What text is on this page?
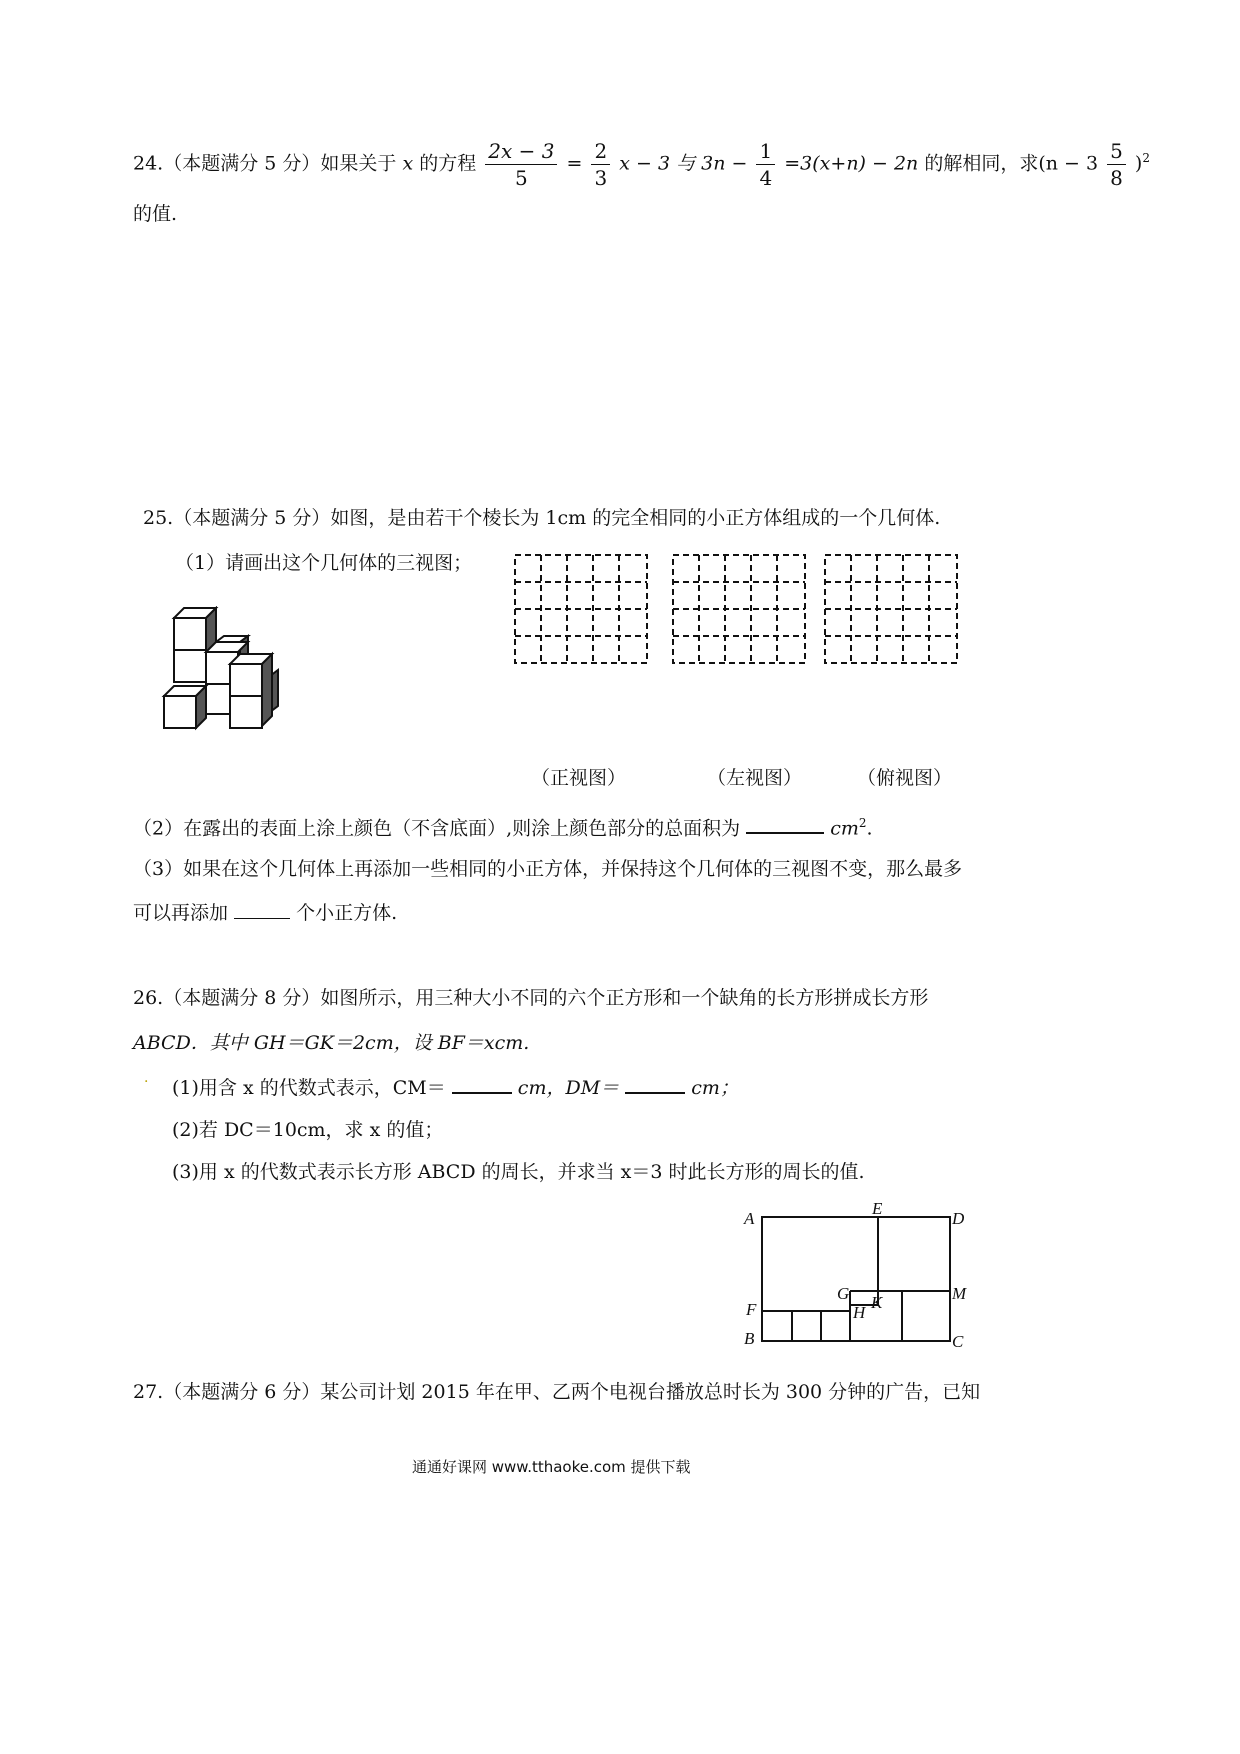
24.（本题满分 5 分）如果关于 x 的方程 $\frac{2x - 3}{5} = \frac{2}{3}$ x − 3 与 $3n - \frac{1}{4} =3(x+n) - 2n$ 的解相同，求$(n - 3 \frac{5}{8} )^2$
的值.
25.（本题满分 5 分）如图，是由若干个棱长为 1cm 的完全相同的小正方体组成的一个几何体.
（1）请画出这个几何体的三视图；
（正视图）	（左视图）	（俯视图）
（2）在露出的表面上涂上颜色（不含底面）,则涂上颜色部分的总面积为	$cm^2$.
（3）如果在这个几何体上再添加一些相同的小正方体，并保持这个几何体的三视图不变，那么最多
可以再添加	个小正方体.
26.（本题满分 8 分）如图所示，用三种大小不同的六个正方形和一个缺角的长方形拼成长方形
ABCD．其中 GH＝GK＝2cm，设 BF＝xcm.
· (1)用含 x 的代数式表示，CM＝	cm，DM＝	cm；
(2)若 DC＝10cm，求 x 的值；
(3)用 x 的代数式表示长方形 ABCD 的周长，并求当 x＝3 时此长方形的周长的值.
A
E
D
G	M
F	H
K
B	C
27.（本题满分 6 分）某公司计划 2015 年在甲、乙两个电视台播放总时长为 300 分钟的广告，已知
通通好课网 www.tthaoke.com 提供下载
